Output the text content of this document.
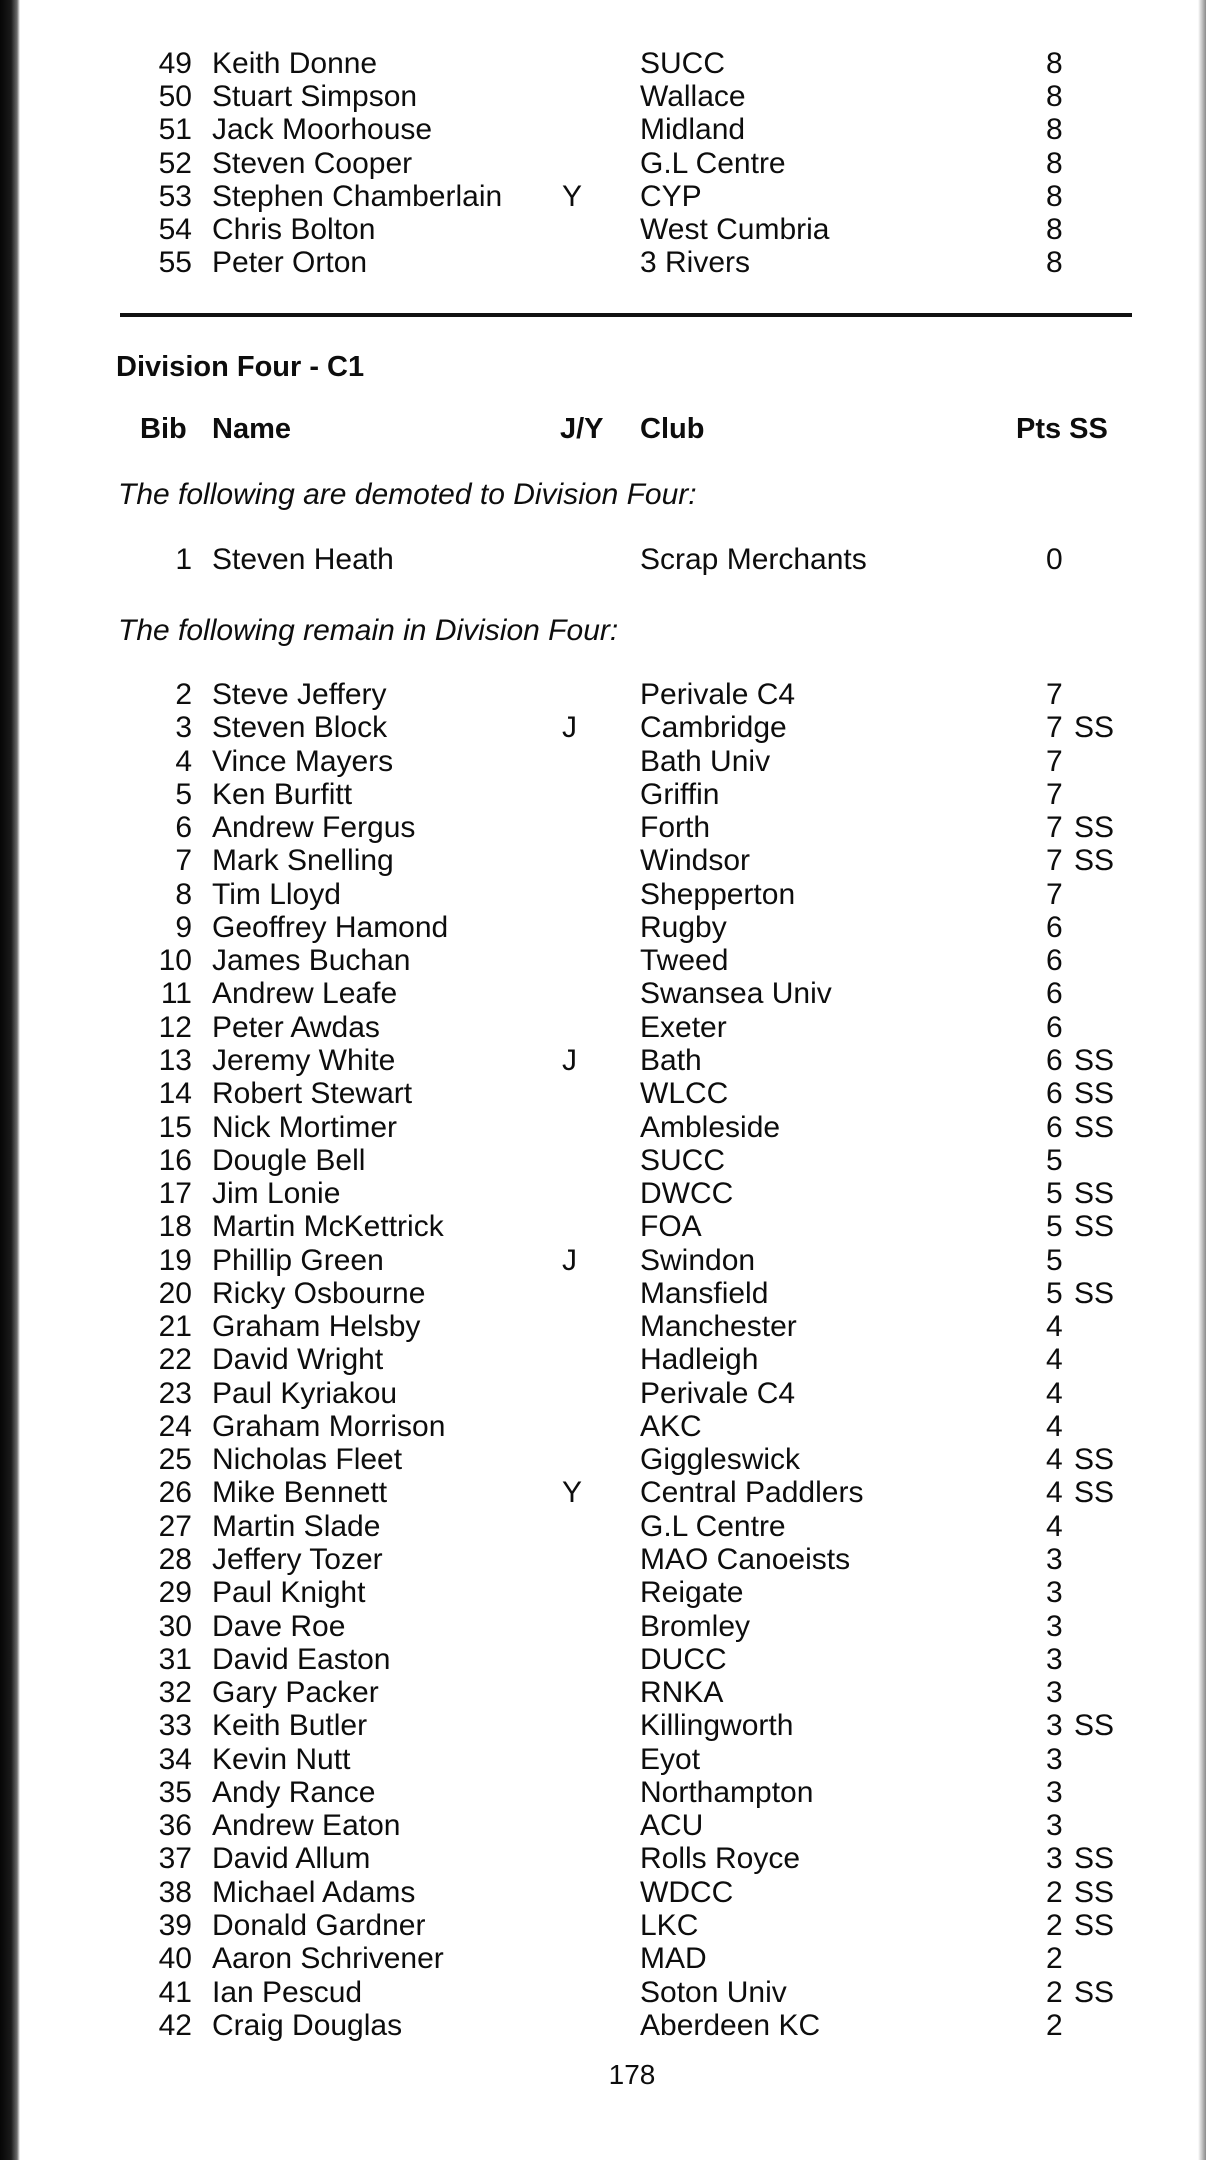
49 Keith Donne	SUCC	8
50 Stuart Simpson	Wallace	8
51 Jack Moorhouse	Midland	8
52 Steven Cooper	G.L Centre	8
53 Stephen Chamberlain Y CYP	8
54 Chris Bolton	West Cumbria	8
55 Peter Orton	3 Rivers	8
Division Four - C1
Bib Name	J/Y Club	Pts SS
The following are demoted to Division Four:
1 Steven Heath	Scrap Merchants	0
The following remain in Division Four:
2 Steve Jeffery	Perivale C4	7
3 Steven Block	J Cambridge	7 SS
4 Vince Mayers	Bath Univ	7
5 Ken Burfitt	Griffin	7
6 Andrew Fergus	Forth	7 SS
7 Mark Snelling	Windsor	7 SS
8 Tim Lloyd	Shepperton	7
9 Geoffrey Hamond	Rugby	6
10 James Buchan	Tweed	6
11 Andrew Leafe	Swansea Univ	6
12 Peter Awdas	Exeter	6
13 Jeremy White	J Bath	6 SS
14 Robert Stewart	WLCC	6 SS
15 Nick Mortimer	Ambleside	6 SS
16 Dougle Bell	SUCC	5
17 Jim Lonie	DWCC	5 SS
18 Martin McKettrick	FOA	5 SS
19 Phillip Green	J Swindon	5
20 Ricky Osbourne	Mansfield	5 SS
21 Graham Helsby	Manchester	4
22 David Wright	Hadleigh	4
23 Paul Kyriakou	Perivale C4	4
24 Graham Morrison	AKC	4
25 Nicholas Fleet	Giggleswick	4 SS
26 Mike Bennett	Y Central Paddlers	4 SS
27 Martin Slade	G.L Centre	4
28 Jeffery Tozer	MAO Canoeists	3
29 Paul Knight	Reigate	3
30 Dave Roe	Bromley	3
31 David Easton	DUCC	3
32 Gary Packer	RNKA	3
33 Keith Butler	Killingworth	3 SS
34 Kevin Nutt	Eyot	3
35 Andy Rance	Northampton	3
36 Andrew Eaton	ACU	3
37 David Allum	Rolls Royce	3 SS
38 Michael Adams	WDCC	2 SS
39 Donald Gardner	LKC	2 SS
40 Aaron Schrivener	MAD	2
41 Ian Pescud	Soton Univ	2 SS
42 Craig Douglas	Aberdeen KC	2
178
